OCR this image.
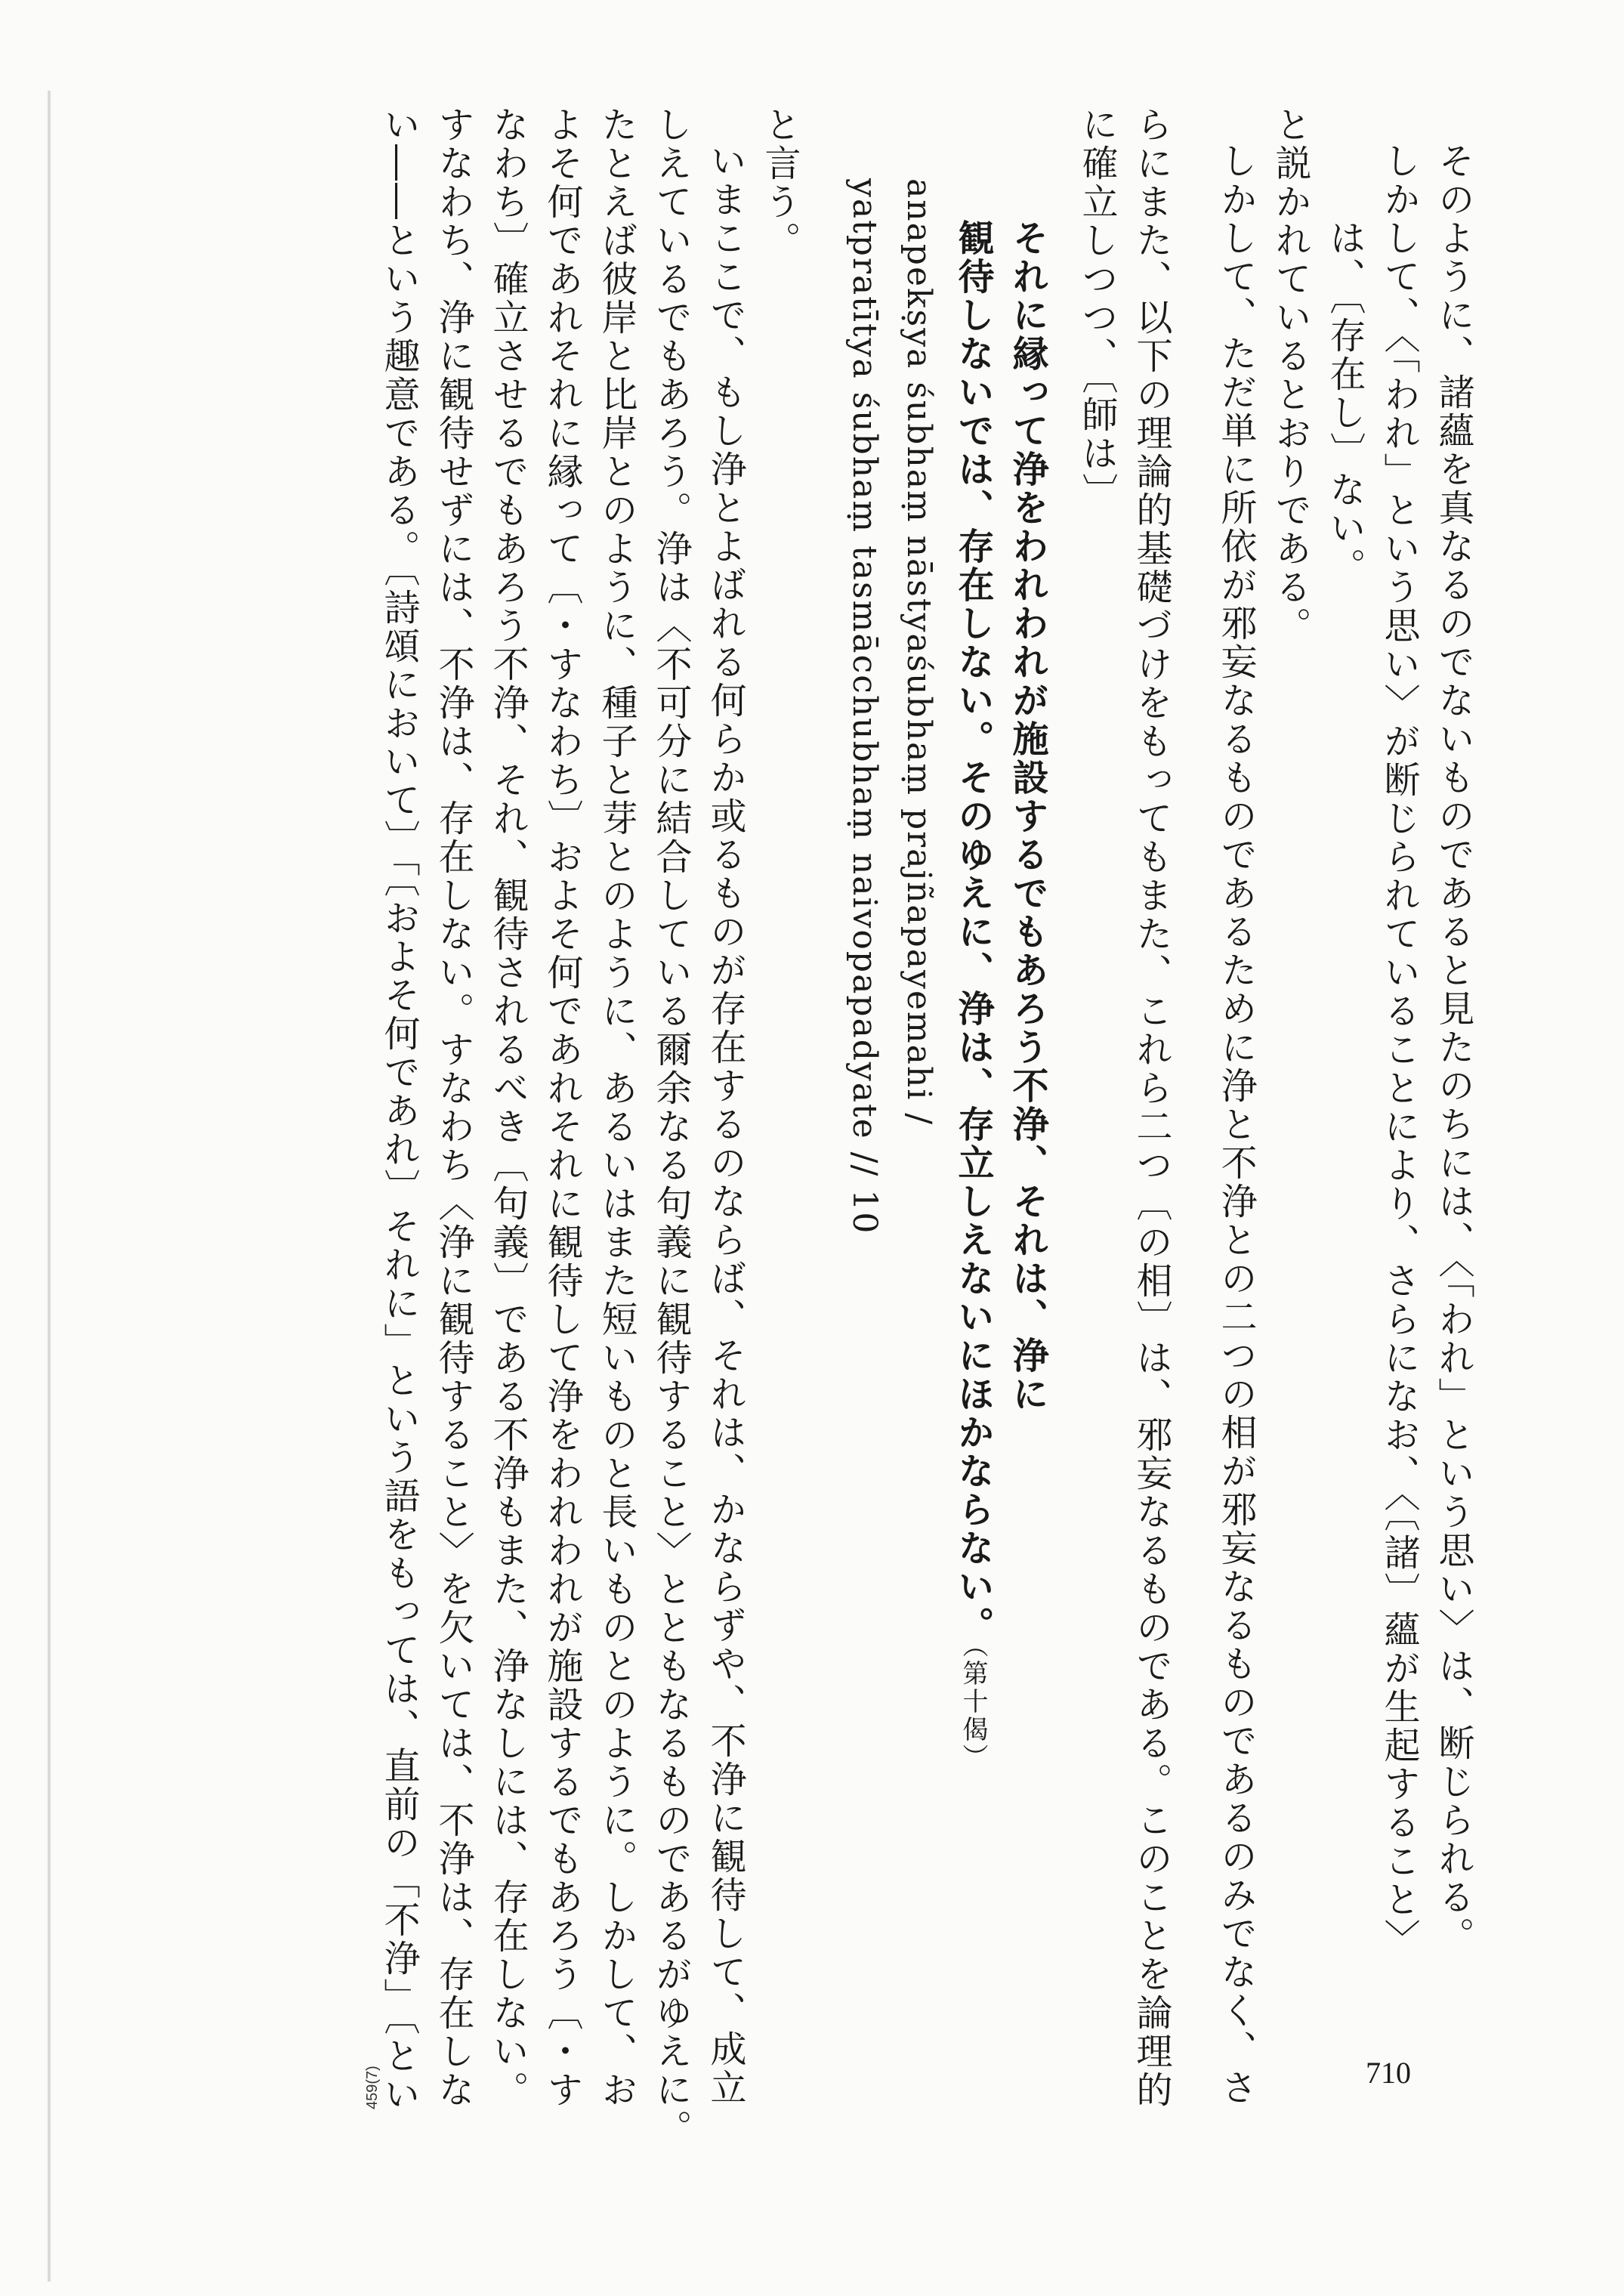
そのように、諸蘊を真なるのでないものであると見たのちには、〈「われ」という思い〉は、断じられる。
しかして、〈「われ」という思い〉が断じられていることにより、さらになお、〈〔諸〕蘊が生起すること〉
は、〔存在し〕ない。
と説かれているとおりである。
しかして、ただ単に所依が邪妄なるものであるために浄と不浄との二つの相が邪妄なるものであるのみでなく、さ
らにまた、以下の理論的基礎づけをもってもまた、これら二つ〔の相〕は、邪妄なるものである。このことを論理的
に確立しつつ、〔師は〕
それに縁って浄をわれわれが施設するでもあろう不浄、それは、浄に
観待しないでは、存在しない。そのゆえに、浄は、存立しえないにほかならない。（第十偈）
anapekṣya śubhaṃ nāstyaśubhaṃ prajñapayemahi /
yatpratītya śubhaṃ tasmācchubhaṃ naivopapadyate // 10
と言う。
いまここで、もし浄とよばれる何らか或るものが存在するのならば、それは、かならずや、不浄に観待して、成立
しえているでもあろう。浄は〈不可分に結合している爾余なる句義に観待すること〉とともなるものであるがゆえに。
たとえば彼岸と比岸とのように、種子と芽とのように、あるいはまた短いものと長いものとのように。しかして、お
よそ何であれそれに縁って〔・すなわち〕およそ何であれそれに観待して浄をわれわれが施設するでもあろう〔・す
なわち〕確立させるでもあろう不浄、それ、観待されるべき〔句義〕である不浄もまた、浄なしには、存在しない。
すなわち、浄に観待せずには、不浄は、存在しない。すなわち〈浄に観待すること〉を欠いては、不浄は、存在しな
い――という趣意である。〔詩頌において〕「〔およそ何であれ〕それに」という語をもっては、直前の「不浄」〔とい	710
459(7)
